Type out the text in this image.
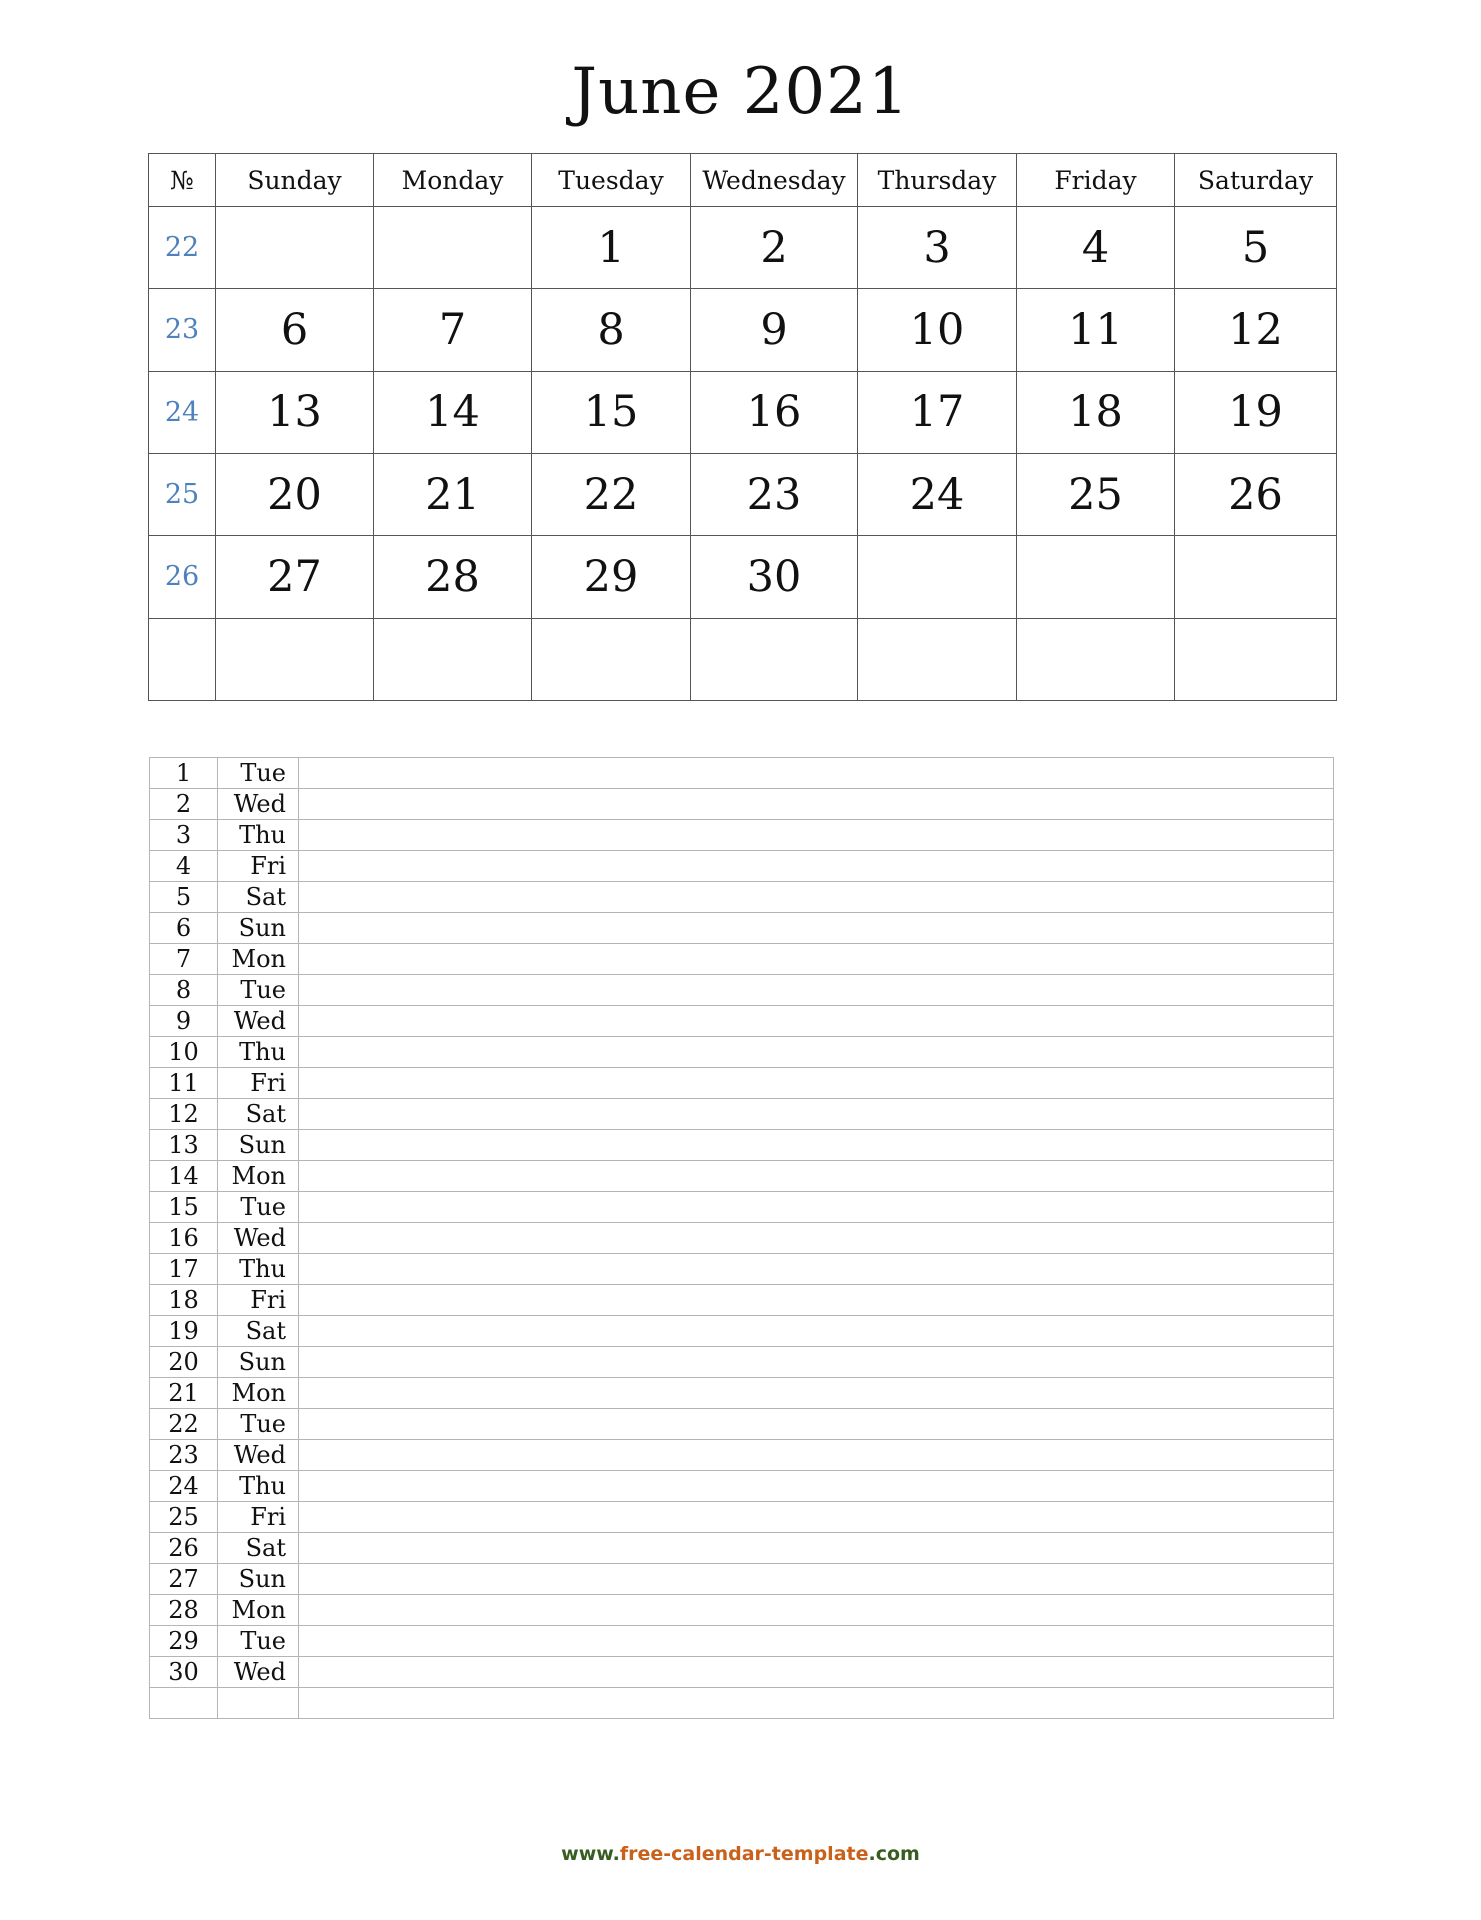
June 2021
№	Sunday	Monday	Tuesday	Wednesday	Thursday	Friday	Saturday
22			1	2	3	4	5
23	6	7	8	9	10	11	12
24	13	14	15	16	17	18	19
25	20	21	22	23	24	25	26
26	27	28	29	30			

1	Tue	
2	Wed	
3	Thu	
4	Fri	
5	Sat	
6	Sun	
7	Mon	
8	Tue	
9	Wed	
10	Thu	
11	Fri	
12	Sat	
13	Sun	
14	Mon	
15	Tue	
16	Wed	
17	Thu	
18	Fri	
19	Sat	
20	Sun	
21	Mon	
22	Tue	
23	Wed	
24	Thu	
25	Fri	
26	Sat	
27	Sun	
28	Mon	
29	Tue	
30	Wed	

www.free-calendar-template.com
